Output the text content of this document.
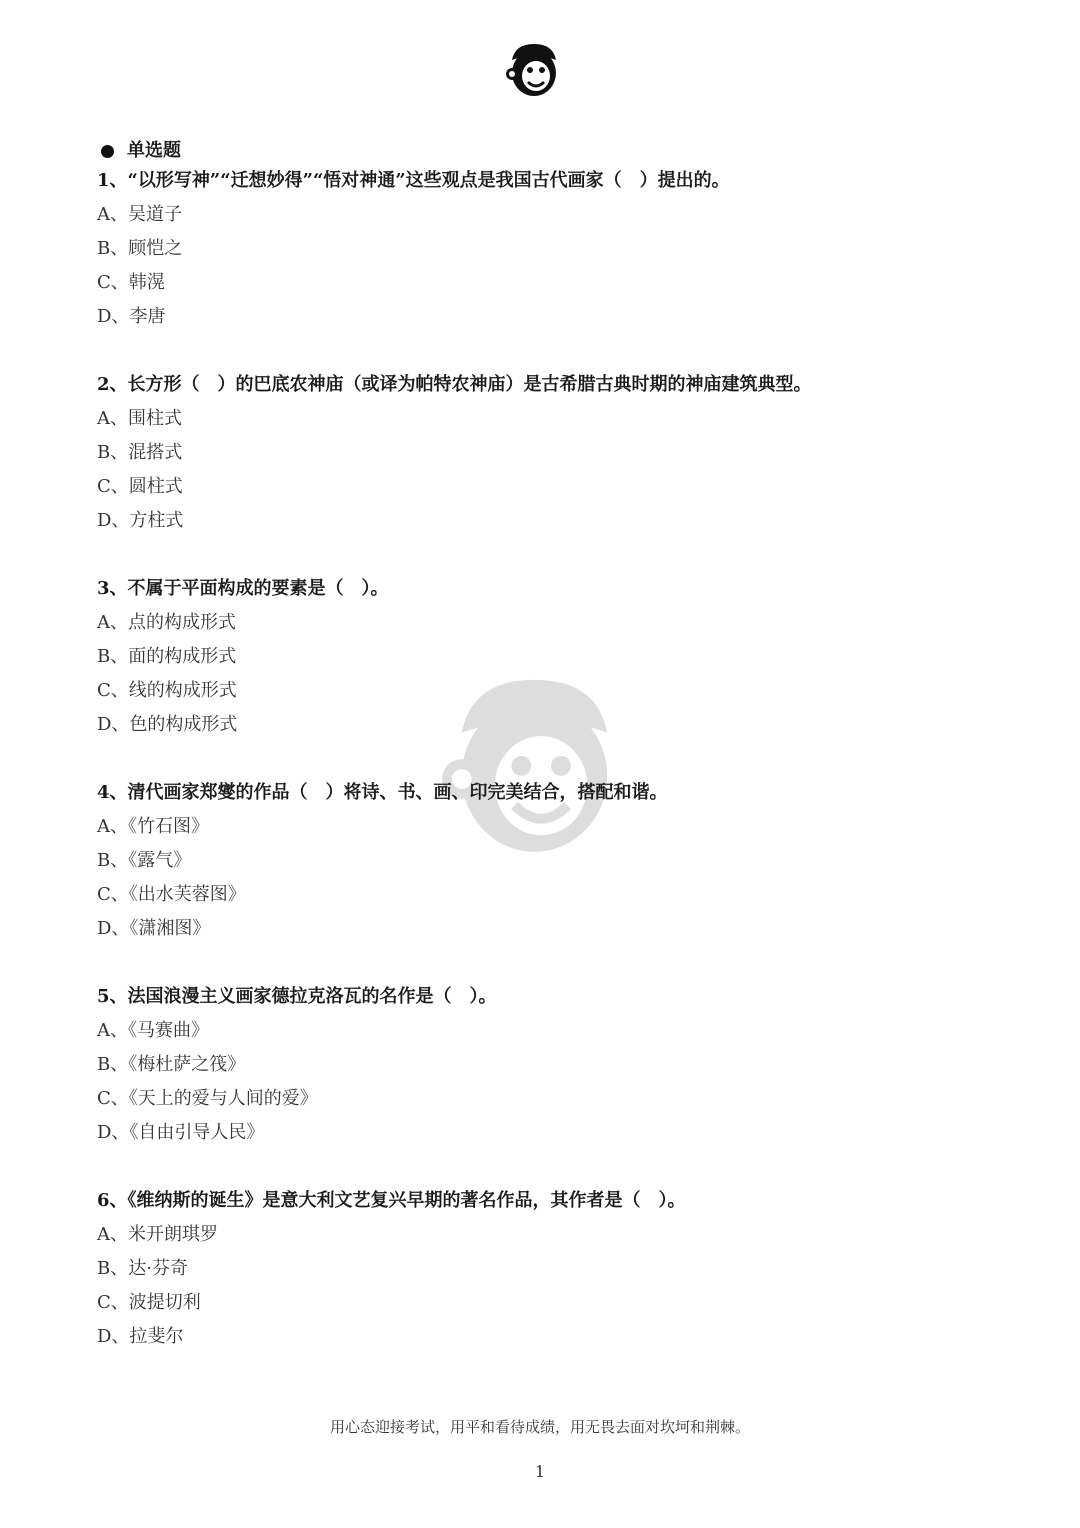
单选题
1、“以形写神”“迁想妙得”“悟对神通”这些观点是我国古代画家（　）提出的。
A、吴道子
B、顾恺之
C、韩滉
D、李唐
2、长方形（　）的巴底农神庙（或译为帕特农神庙）是古希腊古典时期的神庙建筑典型。
A、围柱式
B、混搭式
C、圆柱式
D、方柱式
3、不属于平面构成的要素是（　）。
A、点的构成形式
B、面的构成形式
C、线的构成形式
D、色的构成形式
4、清代画家郑燮的作品（　）将诗、书、画、印完美结合，搭配和谐。
A、《竹石图》
B、《露气》
C、《出水芙蓉图》
D、《潇湘图》
5、法国浪漫主义画家德拉克洛瓦的名作是（　）。
A、《马赛曲》
B、《梅杜萨之筏》
C、《天上的爱与人间的爱》
D、《自由引导人民》
6、《维纳斯的诞生》是意大利文艺复兴早期的著名作品，其作者是（　）。
A、米开朗琪罗
B、达·芬奇
C、波提切利
D、拉斐尔
用心态迎接考试，用平和看待成绩，用无畏去面对坎坷和荆棘。
1
